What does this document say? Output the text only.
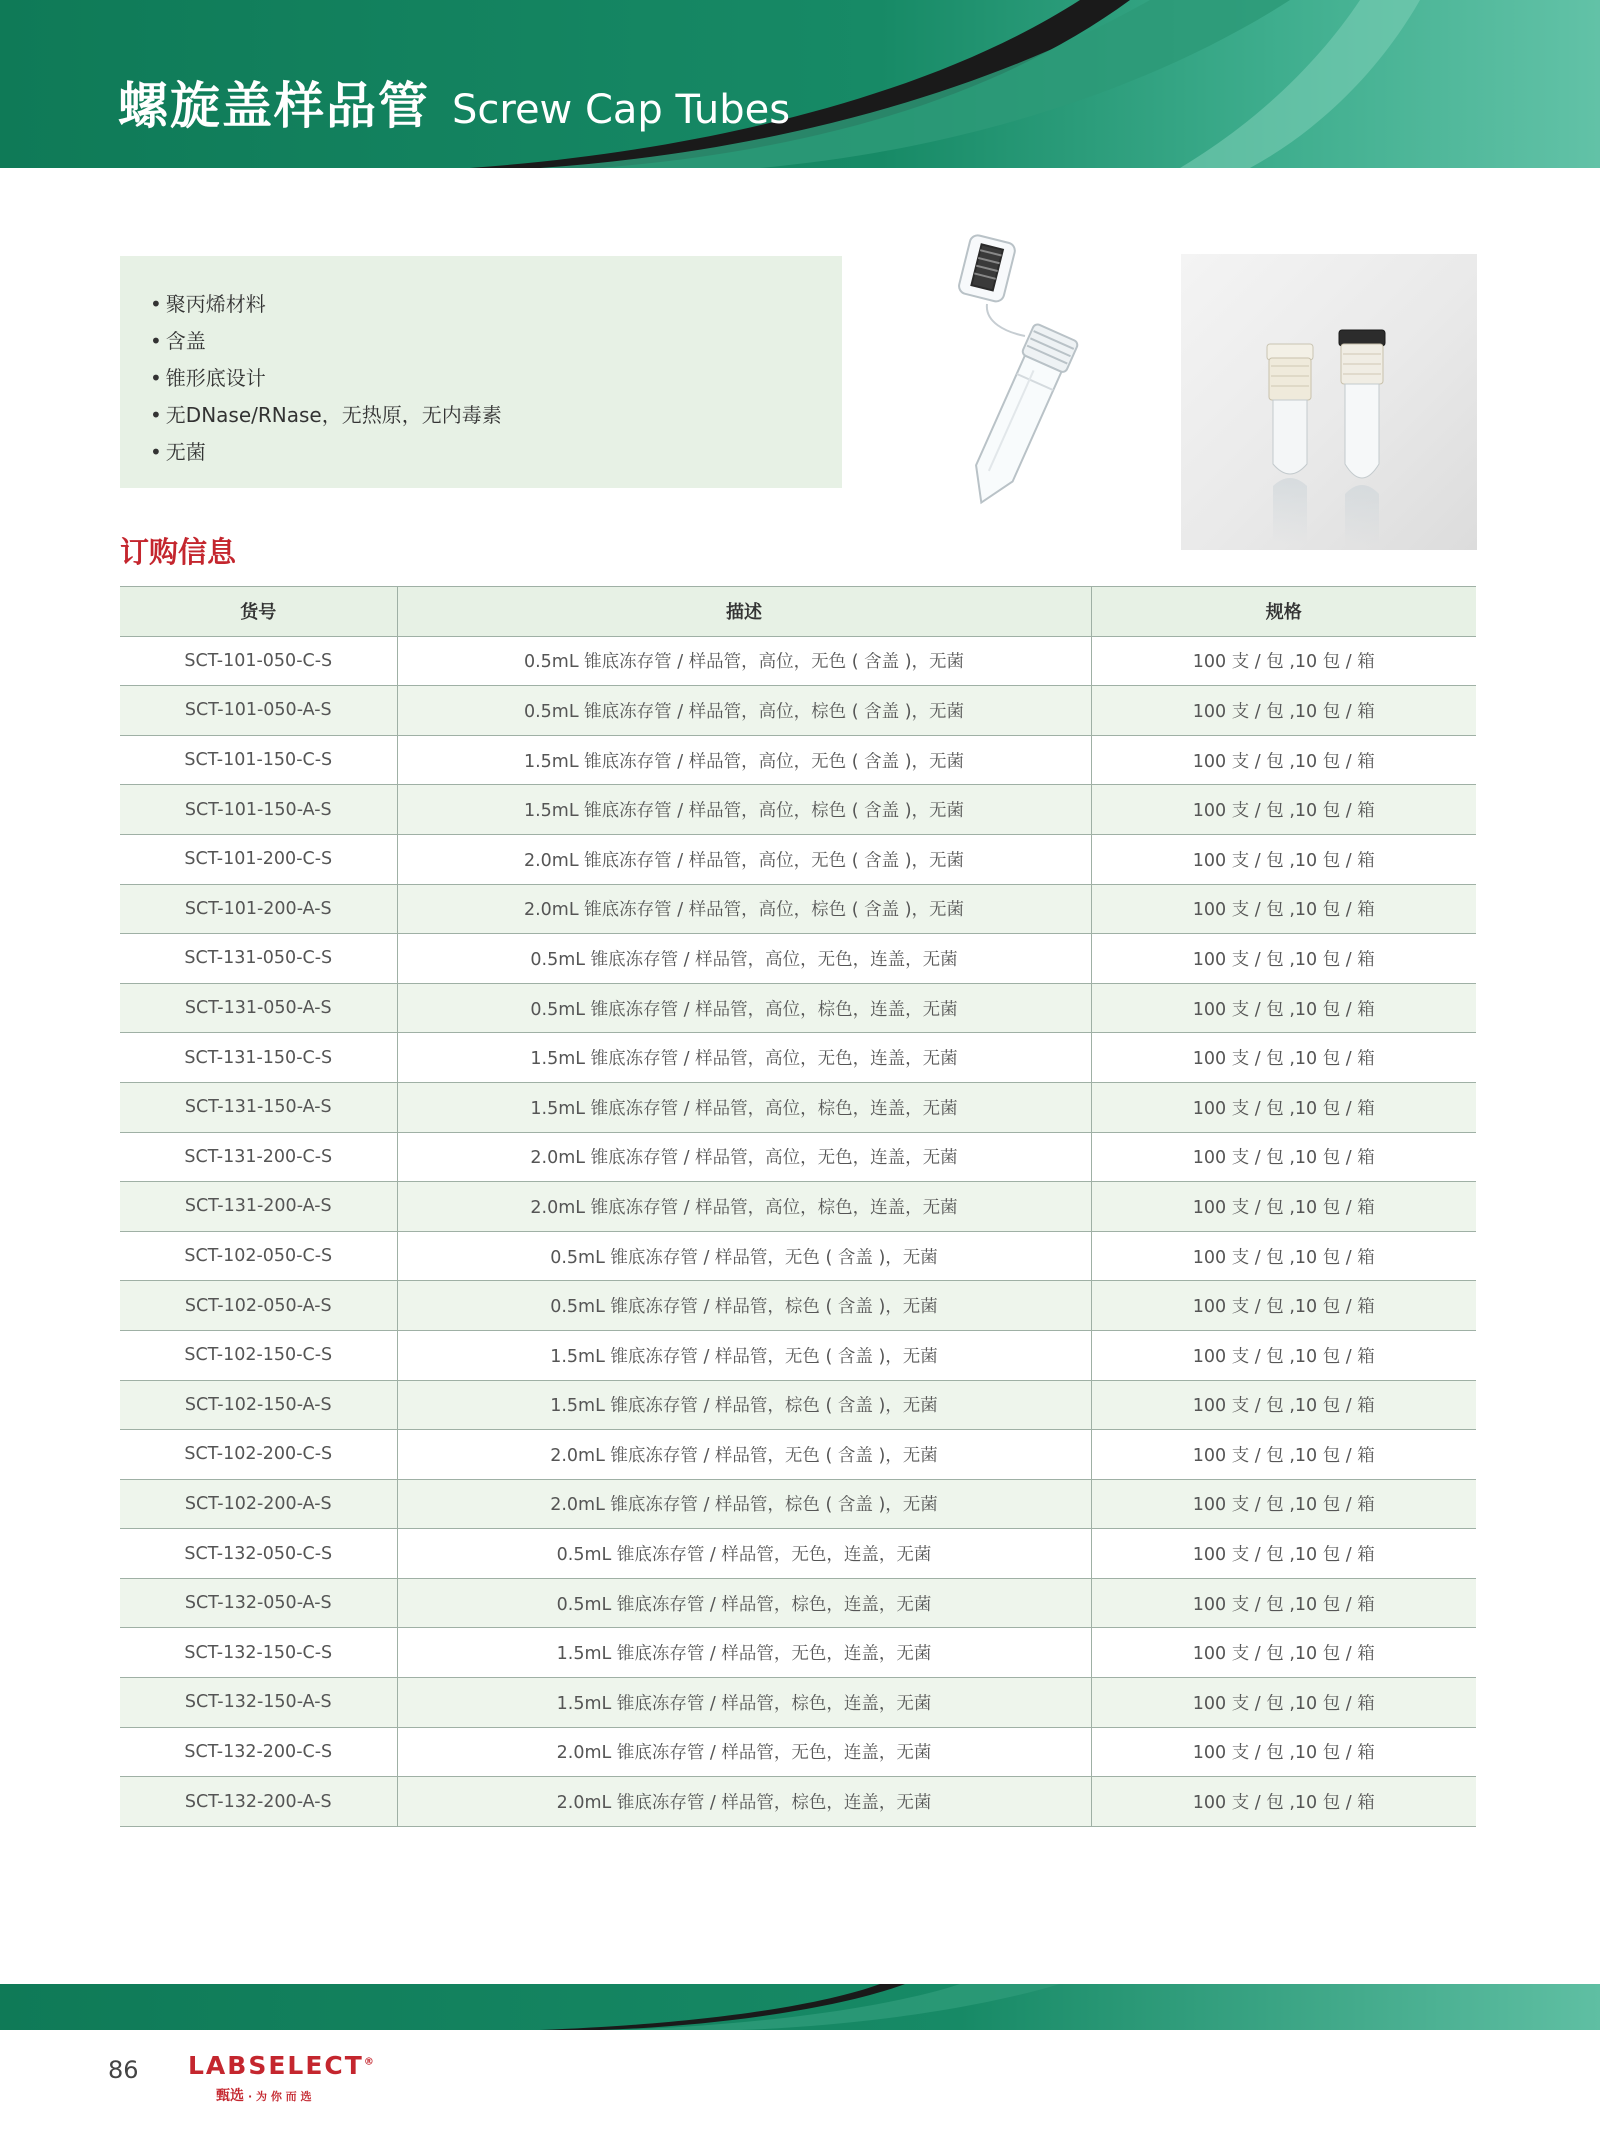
螺旋盖样品管 Screw Cap Tubes
• 聚丙烯材料
• 含盖
• 锥形底设计
• 无DNase/RNase，无热原，无内毒素
• 无菌
订购信息
货号	描述	规格
SCT-101-050-C-S	0.5mL 锥底冻存管 / 样品管，高位，无色 ( 含盖 )，无菌	100 支 / 包 ,10 包 / 箱
SCT-101-050-A-S	0.5mL 锥底冻存管 / 样品管，高位，棕色 ( 含盖 )，无菌	100 支 / 包 ,10 包 / 箱
SCT-101-150-C-S	1.5mL 锥底冻存管 / 样品管，高位，无色 ( 含盖 )，无菌	100 支 / 包 ,10 包 / 箱
SCT-101-150-A-S	1.5mL 锥底冻存管 / 样品管，高位，棕色 ( 含盖 )，无菌	100 支 / 包 ,10 包 / 箱
SCT-101-200-C-S	2.0mL 锥底冻存管 / 样品管，高位，无色 ( 含盖 )，无菌	100 支 / 包 ,10 包 / 箱
SCT-101-200-A-S	2.0mL 锥底冻存管 / 样品管，高位，棕色 ( 含盖 )，无菌	100 支 / 包 ,10 包 / 箱
SCT-131-050-C-S	0.5mL 锥底冻存管 / 样品管，高位，无色，连盖，无菌	100 支 / 包 ,10 包 / 箱
SCT-131-050-A-S	0.5mL 锥底冻存管 / 样品管，高位，棕色，连盖，无菌	100 支 / 包 ,10 包 / 箱
SCT-131-150-C-S	1.5mL 锥底冻存管 / 样品管，高位，无色，连盖，无菌	100 支 / 包 ,10 包 / 箱
SCT-131-150-A-S	1.5mL 锥底冻存管 / 样品管，高位，棕色，连盖，无菌	100 支 / 包 ,10 包 / 箱
SCT-131-200-C-S	2.0mL 锥底冻存管 / 样品管，高位，无色，连盖，无菌	100 支 / 包 ,10 包 / 箱
SCT-131-200-A-S	2.0mL 锥底冻存管 / 样品管，高位，棕色，连盖，无菌	100 支 / 包 ,10 包 / 箱
SCT-102-050-C-S	0.5mL 锥底冻存管 / 样品管，无色 ( 含盖 )，无菌	100 支 / 包 ,10 包 / 箱
SCT-102-050-A-S	0.5mL 锥底冻存管 / 样品管，棕色 ( 含盖 )，无菌	100 支 / 包 ,10 包 / 箱
SCT-102-150-C-S	1.5mL 锥底冻存管 / 样品管，无色 ( 含盖 )，无菌	100 支 / 包 ,10 包 / 箱
SCT-102-150-A-S	1.5mL 锥底冻存管 / 样品管，棕色 ( 含盖 )，无菌	100 支 / 包 ,10 包 / 箱
SCT-102-200-C-S	2.0mL 锥底冻存管 / 样品管，无色 ( 含盖 )，无菌	100 支 / 包 ,10 包 / 箱
SCT-102-200-A-S	2.0mL 锥底冻存管 / 样品管，棕色 ( 含盖 )，无菌	100 支 / 包 ,10 包 / 箱
SCT-132-050-C-S	0.5mL 锥底冻存管 / 样品管，无色，连盖，无菌	100 支 / 包 ,10 包 / 箱
SCT-132-050-A-S	0.5mL 锥底冻存管 / 样品管，棕色，连盖，无菌	100 支 / 包 ,10 包 / 箱
SCT-132-150-C-S	1.5mL 锥底冻存管 / 样品管，无色，连盖，无菌	100 支 / 包 ,10 包 / 箱
SCT-132-150-A-S	1.5mL 锥底冻存管 / 样品管，棕色，连盖，无菌	100 支 / 包 ,10 包 / 箱
SCT-132-200-C-S	2.0mL 锥底冻存管 / 样品管，无色，连盖，无菌	100 支 / 包 ,10 包 / 箱
SCT-132-200-A-S	2.0mL 锥底冻存管 / 样品管，棕色，连盖，无菌	100 支 / 包 ,10 包 / 箱
86 LABSELECT®
甄选 · 为 你 而 选
